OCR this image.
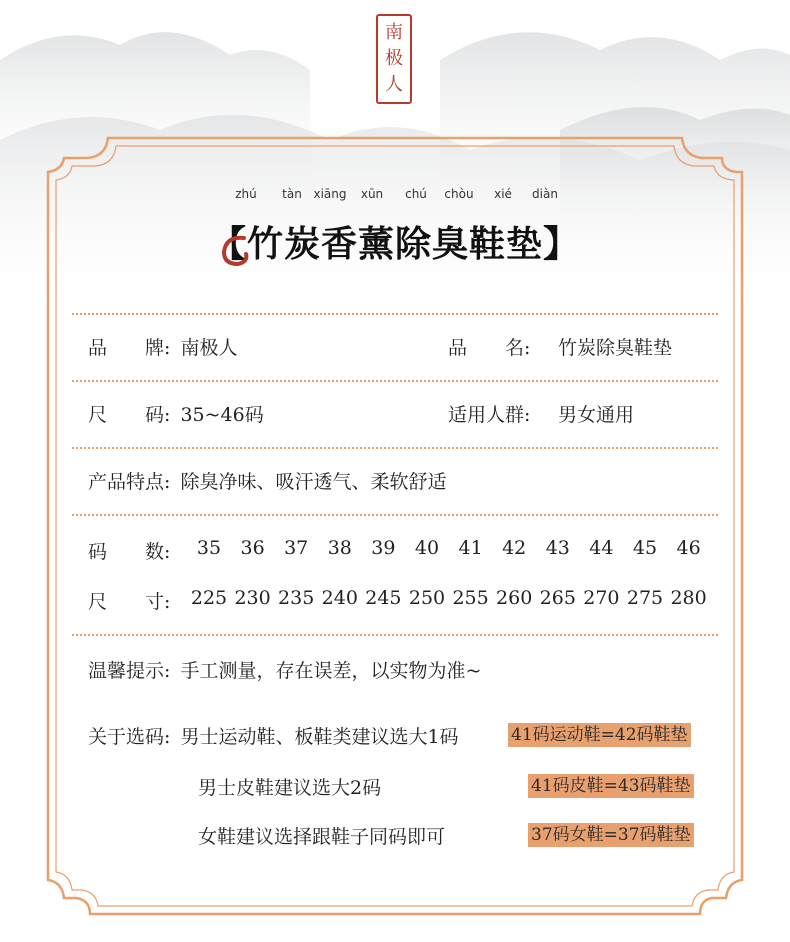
南
极
人
zhú tàn xiāng xūn chú chòu xié diàn
【竹炭香薰除臭鞋垫】
品　　牌: 南极人	品　　名: 竹炭除臭鞋垫
尺　　码: 35~46码	适用人群: 男女通用
产品特点: 除臭净味、吸汗透气、柔软舒适
码　　数:	35 36 37 38 39 40 41 42 43 44 45 46
尺　　寸:	225 230 235 240 245 250 255 260 265 270 275 280
温馨提示: 手工测量，存在误差，以实物为准~
关于选码: 男士运动鞋、板鞋类建议选大1码	41码运动鞋=42码鞋垫
男士皮鞋建议选大2码	41码皮鞋=43码鞋垫
女鞋建议选择跟鞋子同码即可	37码女鞋=37码鞋垫
